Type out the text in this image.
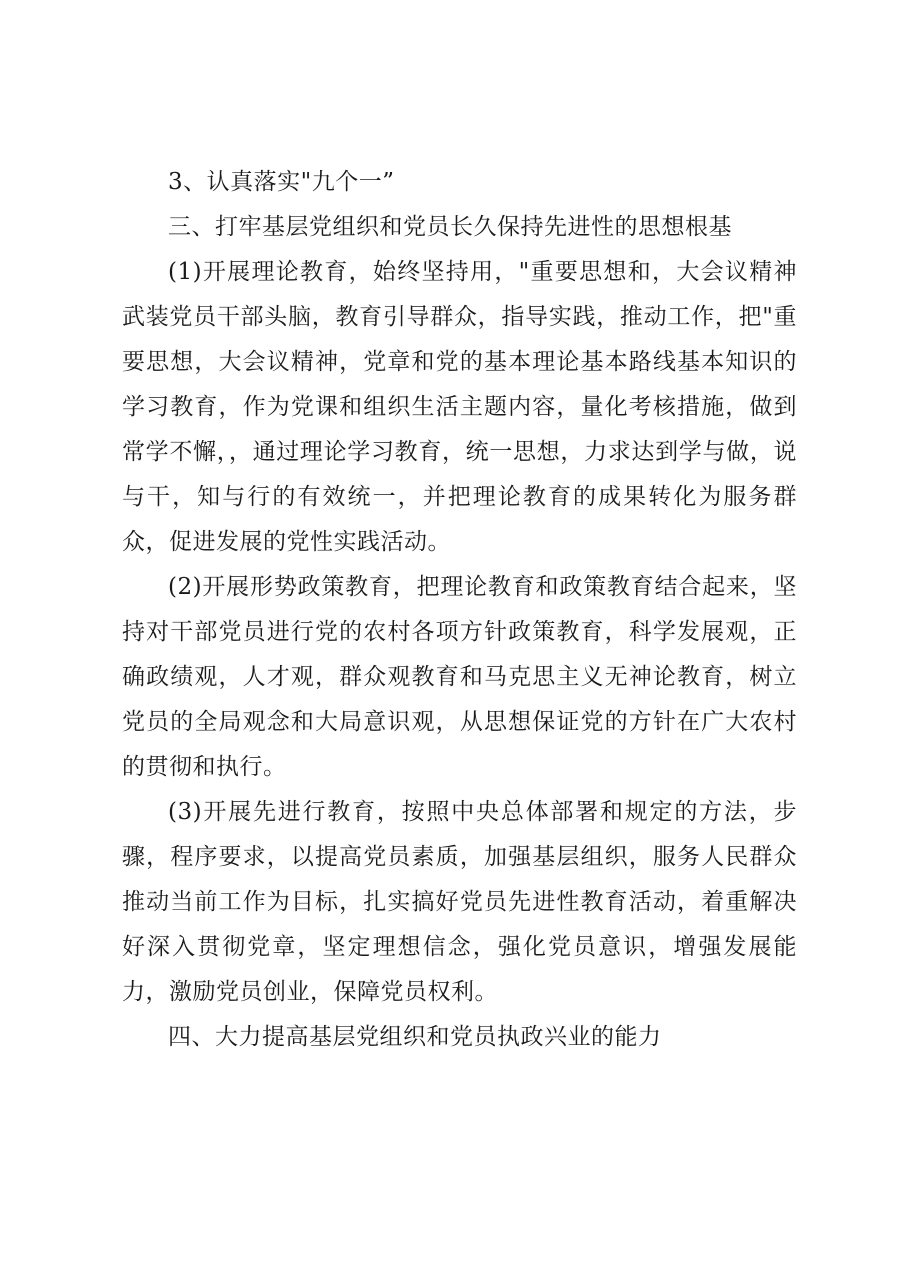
3、认真落实"九个一”

三、打牢基层党组织和党员长久保持先进性的思想根基

(1)开展理论教育，始终坚持用，"重要思想和，大会议精神武装党员干部头脑，教育引导群众，指导实践，推动工作，把"重要思想，大会议精神，党章和党的基本理论基本路线基本知识的学习教育，作为党课和组织生活主题内容，量化考核措施，做到常学不懈，，通过理论学习教育，统一思想，力求达到学与做，说与干，知与行的有效统一，并把理论教育的成果转化为服务群众，促进发展的党性实践活动。

(2)开展形势政策教育，把理论教育和政策教育结合起来，坚持对干部党员进行党的农村各项方针政策教育，科学发展观，正确政绩观，人才观，群众观教育和马克思主义无神论教育，树立党员的全局观念和大局意识观，从思想保证党的方针在广大农村的贯彻和执行。

(3)开展先进行教育，按照中央总体部署和规定的方法，步骤，程序要求，以提高党员素质，加强基层组织，服务人民群众推动当前工作为目标，扎实搞好党员先进性教育活动，着重解决好深入贯彻党章，坚定理想信念，强化党员意识，增强发展能力，激励党员创业，保障党员权利。

四、大力提高基层党组织和党员执政兴业的能力
